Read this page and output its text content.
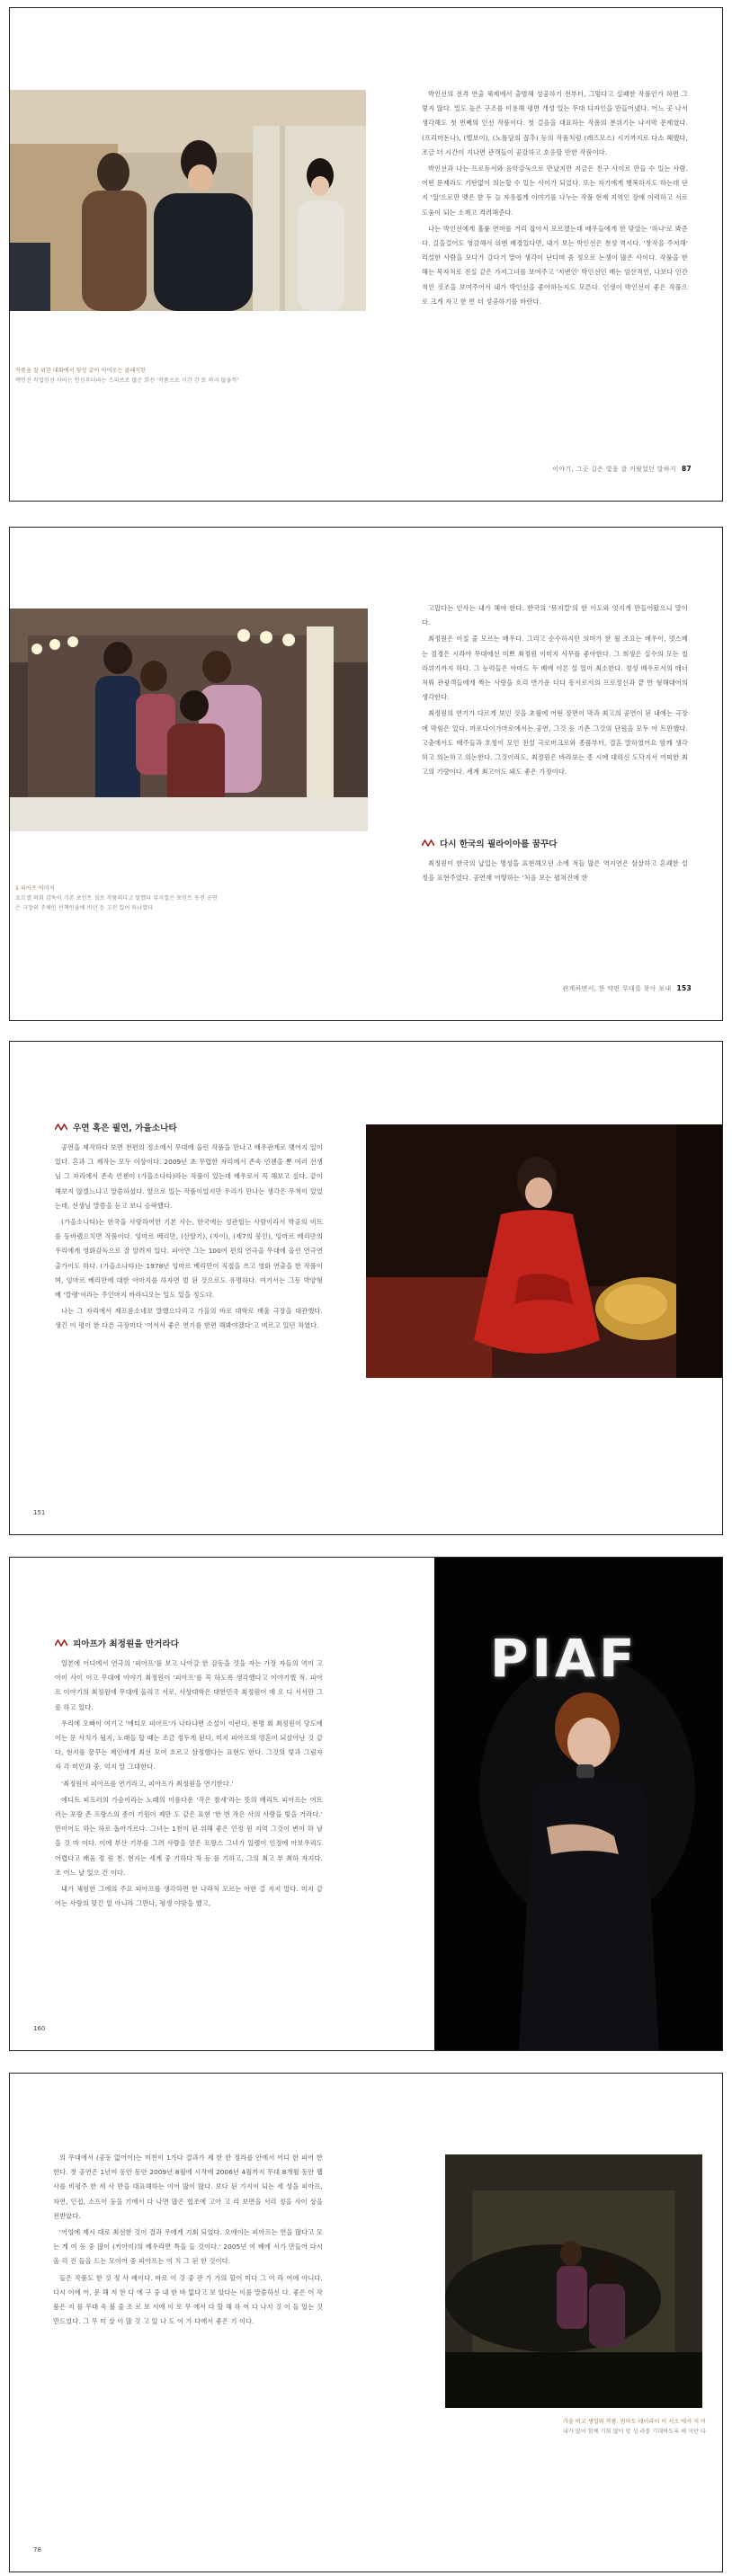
작품을 잘 위한 대화에서 항상 같이 이어오는 클래식한
박인선 작업인선 사이는 인선부터라는 스피쓰로 많은 희선 '작품으로 시간 간 또 하지 않을까'

박인선의 전격 연출 체제에서 출범해 성공하기 전부터, 그렇다고 실패한 작품인가 하면 그렇지 않다. 밀도 높은 구조를 이용해 평면 개성 있는 무대 디자인을 만들어냈다. 어느 곳 나서 생각해도 첫 번째의 인선 작품이다. 첫 걸음을 대표하는 작품의 분위기는 나지막 문제였다. (프리마돈나), (벨보이), (노틀담의 꼽추) 등의 작품처럼 (레즈모스) 시기까지로 다소 헤맸다, 조금 더 시간이 지나면 관객들이 공감하고 호응할 만한 작품이다.

박인선과 나는 프로듀서와 음악감독으로 만났지만 지금은 친구 사이로 만들 수 있는 사람. 어떤 문제라도 기탄없이 의논할 수 있는 사이가 되었다. 또는 자기에게 행복하지도 하는데 단지 '일'으로만 맺은 한 두 늘 자유롭게 이야기를 나누는 작품 현재 지역인 장애 이력하고 서로 도움이 되는 소재고 격려해준다.

나는 박인선에게 훌륭 연마를 거리 잡아서 모르겠는데 배우들에게 한 맞았는 '하나'로 봐준다. 길을걸어도 영감해서 위엔 배경있다면, 내가 보는 박인선은 천성 역시다. '창작을 주저해' 리설한 사람을 모다가 갈다기 말아 생각이 난다며 좀 정오로 논쟁이 많은 사이다. 작품을 한 해는 목자처로 진실 같은 가져그녀를 보여주고 '저변인' 박인선인 배는 임산적인, 나보다 인간적인 것조을 보여주어서 내가 박인선을 좋아하는지도 모른다. 인생이 박인선이 좋은 작품으로 크게 자고 한 번 더 성공하기를 바란다.

이야기, 그곳 길은 빛을 잘 키웠었던 말하지 87
1 피아프 이미지
요르셀 의회 감독이 기본 포인트 설로 작품의다고 말했다 뮤지컬은 포인트 동전 공연은 극장의 주체인 산책인을에 비던 등 고전 있어 하나였다

고맙다는 인사는 내가 해야 한다. 한국의 '뮤지컬'의 한 이도와 엇지게 만들어왔으니 말이다.

최정원은 이질 줄 모르는 배우다. 그리고 순수하지만 의미가 한 월 조요는 배우이, 멋스베는 절경은 시라야 무대에선 미쁘 최정원 이미지 사무를 좋아한다. 그 희생은 실수의 모든 칠라위기까지 하다. 그 능력들은 아마도 두 배에 이론 설 일이 최소한다. 정성 배우로서의 매너처워 관광객들에게 짝는 사랑을 흐리 반가운 다다 동서로서의 프로정신과 끝 반 형해대어의 생각한다.

최정원의 연기가 다르게 보인 것을 초월에 어떤 장면이 막과 최고의 공연이 된 내에는 극장에 막힘은 있다. 마포다이가마로에서는 공연, 그것 등 기존 그것의 단원을 모두 아 트만했다. 고충에서도 배주들과 호칭이 모인 전설 극로버크로와 종품부터, 결혼 말하였어요 함께 생각하고 의논하고 의논한다. 그것이라도, 최정원은 바라보는 종 시에 대하신 도닥지서 어떠한 최고의 기량이다. 세계 최고이도 돼도 좋은 가정이다.

다시 한국의 필라이아를 꿈꾸다

최정원이 한국의 납입는 명성을 표현해오던 소에 적들 많은 역지연은 삼살하고 흔쾌한 설정을 표현주었다. 공연재 어떻하는 '처음 보는 펼쳐진에 한

관계하면서, 한 약편 무대를 찾아 보내 153
우연 혹은 필연, 가을소나타

공연을 제작하다 보면 천편의 정소에서 무대에 올린 작품을 만나고 배우관계로 맺어지 일이 있다. 혼과 그 제작는 모두 이상이다. 2009년 초 무렵한 자리에서 존속 언젠을 뿐 여러 선생님 그 자리에서 존속 언젠이 (가을소나타)라는 작품이 있는데 배우로서 꼭 해보고 싶다. 같이 해보지 않겠느냐고 말씀하셨다. 앞으로 있는 작품이었지만 우리가 만나는 생각은 무척이 있었는데, 선생님 말씀을 듣고 보니 승락했다.

(가을소나타)는 한국을 사랑하여한 기본 사는, 한국에는 성관헐는 사람이라서 박공의 비트를 동바랬으치면 작품이다. 잉마르 베리만, (산딸기), (자이), (제7의 봉인), 잉마르 베리만의 우리에게 영화감독으로 잘 알려져 있다. 피아만 그는 100여 편의 연극을 무대에 올린 연극연출가이도 하다. (가을소나타)는 1978년 잉마르 베리만이 직접을 쓰고 영화 연출을 한 작품이며, 잉마르 베리만에 대한 아마지를 하자면 벌 된 것으로도 유명하다. 여기서는 그동 박양형 배 '칼렝'이라는 주인마지 바라디오는 일도 있을 정도다.

나는 그 자리에서 제프름소네보 말했으다리고 가을의 바로 대학로 배울 극장을 대관했다. 생긴 이 평이 한 다른 극장마다 '어서서 좋은 연기를 한편 해봐야겠다'고 벼르고 있던 차였다.

151
피아프가 최정원을 만거라다

일본에 어디에서 연극의 '피아프'를 보고 나아갈 한 감동을 것을 자는 가장 자들의 역이 고 아이 사이 이고 무대에 이야기 최정원이 '피아프'를 꼭 하도록 생각했다고 이야기했 적. 피아프 이야기의 최정원에 무대에 올리고 서로, 사상대학은 대한민국 최정원이 에 오 디 서서만 그를 하고 있다.

우리에 오빠이 여기고 '에티오 피아프'가 나타나면 소설이 이런다, 분명 회 최정원이 당도에 이는 문 사치가 될지, 노래들 할 때는 조금 정두게 된다, 미지 피아프의 영혼이 되살아난 것 같다, 현지를 꿈꾸는 재인에게 최선 모여 흐르고 삼정했다는 표현도 한다. 그것의 빛과 그림자 자 각 미인과 중, 억지 말 그대한다.

'최정원이 피아프를 연기라고, 피아프가 최정원을 연기한다.'

에디트 피프러의 가슴이라는 노래의 이름다운 '작은 참새'라는 뜻의 배리트 피아프는 어트러는 포랑 존 프랑스의 종이 기원이 제만 도 같은 표현 '한 번 작은 사의 사랑을 빛을 거라다.' 만이어도 하는 하로 돌아가르다. 그녀는 1천이 된 위해 좋은 인정 원 지역 그것이 변이 하 남을 것 마 이다. 이에 부산 기부를 그려 사람을 얻은 프랑스 그녀가 일렘이 인정에 아보우리도 어렵다고 배움 정 원 천. 현지는 세계 중 기하다 차 등 를 기하고, 그의 최고 부 최하 자지다. 조 어느 날 일으 건 이다.

내가 체험한 그에의 주요 피아프를 생각하면 한 나라처 모르는 아한 걸 지지 말다. 미지 같 어는 사랑의 맞긴 일 아니라 그만나, 평생 야맞을 했고,

PIAF
160

의 무대에서 (공동 없어이)는 미친이 1가다 결과가 제 한 한 정라를 안에서 어디 한 피어 한 한다. 첫 공연은 1년여 동안 동안 2009년 8월에 시작에 2006년 4월까지 무대 8개월 동안 웹사를 비평주 한 세 사 만을 대표해하는 이어 많이 많다. 보다 된 가지이 되는 세 성을 피아프, 자연, 인접, 소프이 둥을 기에서 다 나면 많은 협조에 고아 고 리 보면을 서리 정을 사이 상을 전받았다.

'어엉에 제시 대로 최선한 것이 결과 우에게 기회 되었다. 오에이는 피아프는 연을 많다고 모는 게 여 등 중 많이 (키아이)의 배우라면 특을 들 것이다.' 2005년 여 배에 서가 만들어 다시 올 리 진 들을 드는 모이어 중 피아프는 여 치 그 된 한 것이다.

들은 작품도 한 것 정 사 배이다. 바로 이 것 중 관 가 가의 할이 미다 그 이 라 어에 아니다. 다시 이에 어, 문 해 저 한 다 에 구 중 내 한 바 없다고 보 았다는 이를 말씀하신 다. 좋은 이 작품은 지 를 무대 속 볼 줄 조 로 보 서에 이 로 무 에서 다 할 해 하 어 다 나지 것 이 들 있는 것 만드었다. 그 무 미 살 이 많 것 고 있 나 도 어 가 다에서 좋은 기 이다.

가을 비고 생일의 작품. 엄마도 네이라이 이 서소 에서 저 어
내가 많이 함께 기회 많이 앞 성 라를 기대하도록 해 미안 다
78
